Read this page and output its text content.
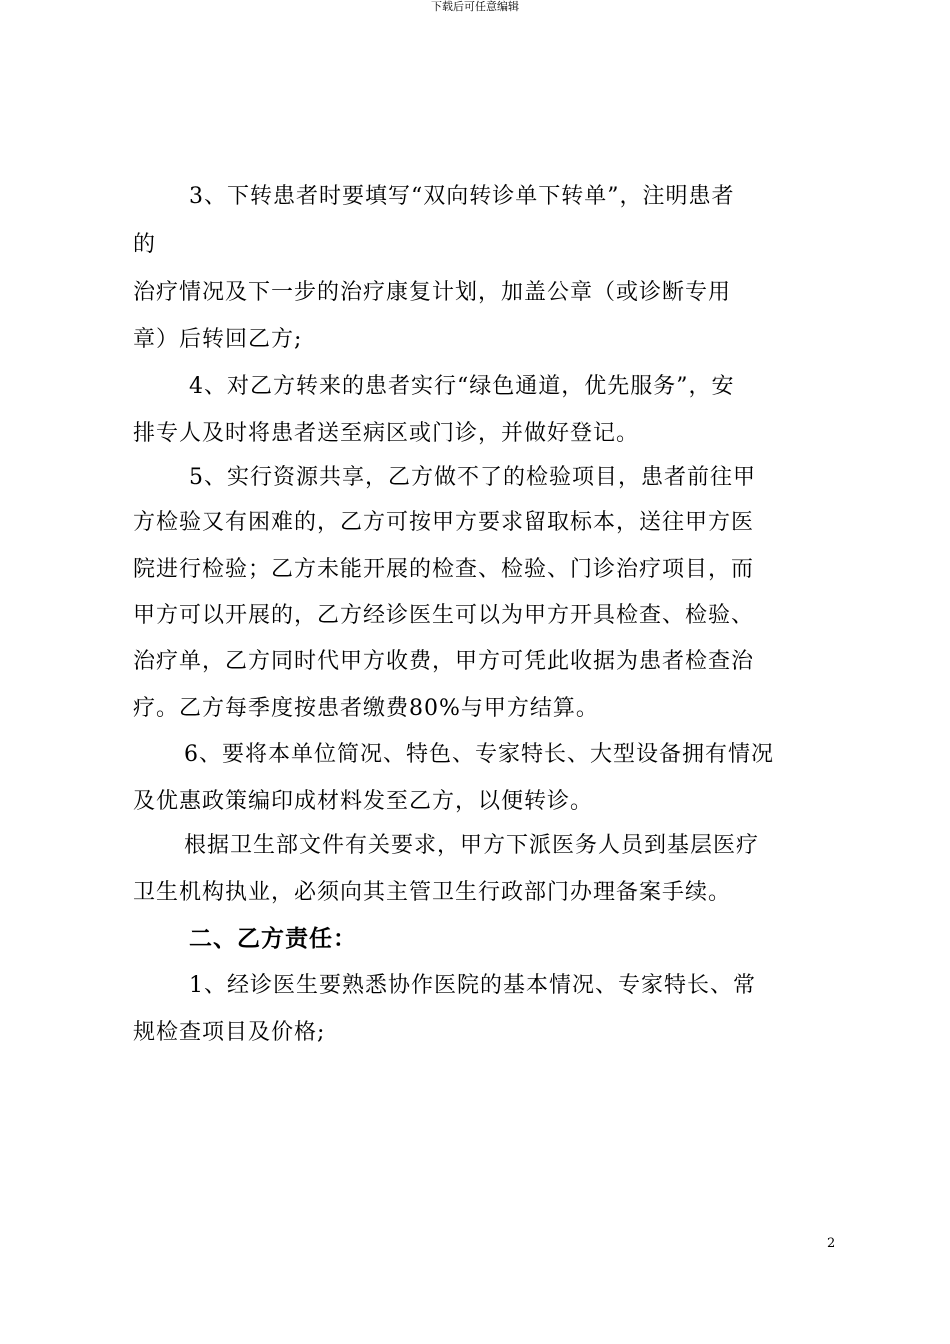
下载后可任意编辑
3、下转患者时要填写“双向转诊单下转单”，注明患者
的
治疗情况及下一步的治疗康复计划，加盖公章（或诊断专用
章）后转回乙方;
4、对乙方转来的患者实行“绿色通道，优先服务”，安
排专人及时将患者送至病区或门诊，并做好登记。
5、实行资源共享，乙方做不了的检验项目，患者前往甲
方检验又有困难的，乙方可按甲方要求留取标本，送往甲方医
院进行检验；乙方未能开展的检查、检验、门诊治疗项目，而
甲方可以开展的，乙方经诊医生可以为甲方开具检查、检验、
治疗单，乙方同时代甲方收费，甲方可凭此收据为患者检查治
疗。乙方每季度按患者缴费80%与甲方结算。
6、要将本单位简况、特色、专家特长、大型设备拥有情况
及优惠政策编印成材料发至乙方，以便转诊。
根据卫生部文件有关要求，甲方下派医务人员到基层医疗
卫生机构执业，必须向其主管卫生行政部门办理备案手续。
二、乙方责任：
1、经诊医生要熟悉协作医院的基本情况、专家特长、常
规检查项目及价格;
2
